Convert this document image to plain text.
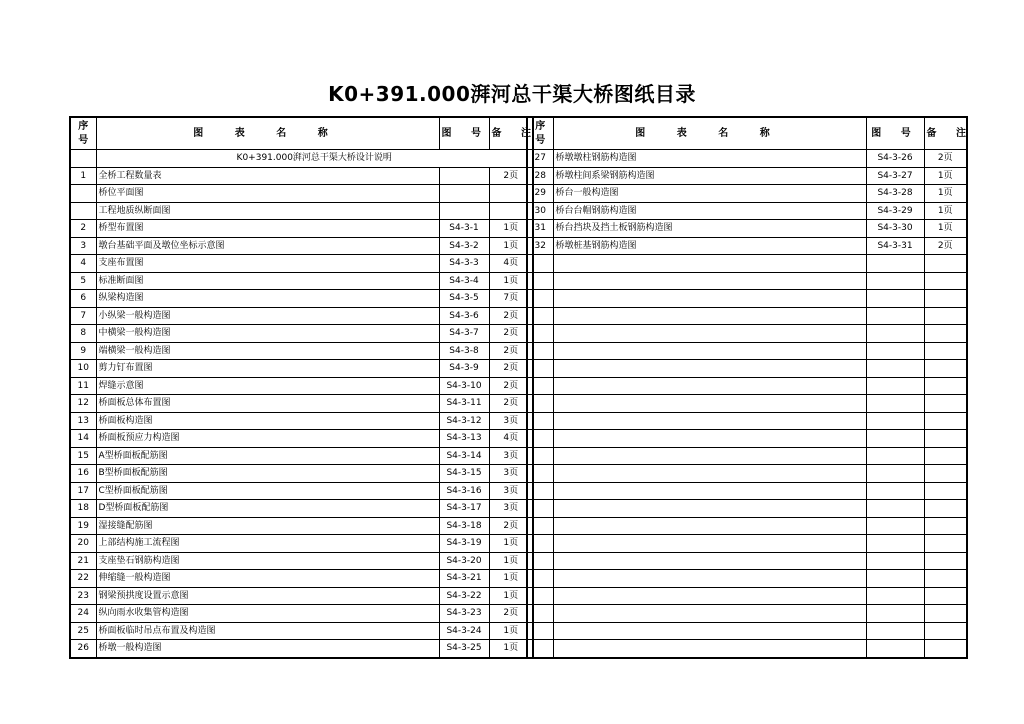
K0+391.000湃河总干渠大桥图纸目录
序
号	图 表 名 称	图 号	备 注
	K0+391.000湃河总干渠大桥设计说明		
1	全桥工程数量表		2页
	桥位平面图		
	工程地质纵断面图		
2	桥型布置图	S4-3-1	1页
3	墩台基础平面及墩位坐标示意图	S4-3-2	1页
4	支座布置图	S4-3-3	4页
5	标准断面图	S4-3-4	1页
6	纵梁构造图	S4-3-5	7页
7	小纵梁一般构造图	S4-3-6	2页
8	中横梁一般构造图	S4-3-7	2页
9	端横梁一般构造图	S4-3-8	2页
10	剪力钉布置图	S4-3-9	2页
11	焊缝示意图	S4-3-10	2页
12	桥面板总体布置图	S4-3-11	2页
13	桥面板构造图	S4-3-12	3页
14	桥面板预应力构造图	S4-3-13	4页
15	A型桥面板配筋图	S4-3-14	3页
16	B型桥面板配筋图	S4-3-15	3页
17	C型桥面板配筋图	S4-3-16	3页
18	D型桥面板配筋图	S4-3-17	3页
19	湿接缝配筋图	S4-3-18	2页
20	上部结构施工流程图	S4-3-19	1页
21	支座垫石钢筋构造图	S4-3-20	1页
22	伸缩缝一般构造图	S4-3-21	1页
23	钢梁预拱度设置示意图	S4-3-22	1页
24	纵向雨水收集管构造图	S4-3-23	2页
25	桥面板临时吊点布置及构造图	S4-3-24	1页
26	桥墩一般构造图	S4-3-25	1页
序
号	图 表 名 称	图 号	备 注
27	桥墩墩柱钢筋构造图	S4-3-26	2页
28	桥墩柱间系梁钢筋构造图	S4-3-27	1页
29	桥台一般构造图	S4-3-28	1页
30	桥台台帽钢筋构造图	S4-3-29	1页
31	桥台挡块及挡土板钢筋构造图	S4-3-30	1页
32	桥墩桩基钢筋构造图	S4-3-31	2页
